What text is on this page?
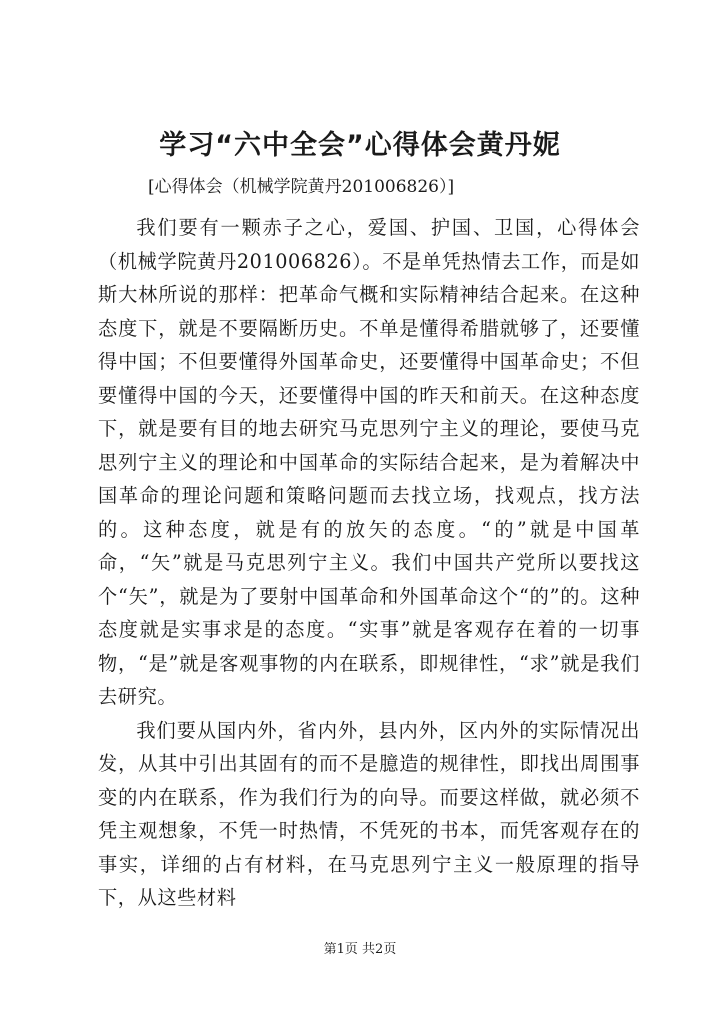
学习“六中全会”心得体会黄丹妮
[心得体会（机械学院黄丹201006826）]

我们要有一颗赤子之心，爱国、护国、卫国，心得体会（机械学院黄丹201006826）。不是单凭热情去工作，而是如斯大林所说的那样：把革命气概和实际精神结合起来。在这种态度下，就是不要隔断历史。不单是懂得希腊就够了，还要懂得中国；不但要懂得外国革命史，还要懂得中国革命史；不但要懂得中国的今天，还要懂得中国的昨天和前天。在这种态度下，就是要有目的地去研究马克思列宁主义的理论，要使马克思列宁主义的理论和中国革命的实际结合起来，是为着解决中国革命的理论问题和策略问题而去找立场，找观点，找方法的。这种态度，就是有的放矢的态度。“的”就是中国革命，“矢”就是马克思列宁主义。我们中国共产党所以要找这个“矢”，就是为了要射中国革命和外国革命这个“的”的。这种态度就是实事求是的态度。“实事”就是客观存在着的一切事物，“是”就是客观事物的内在联系，即规律性，“求”就是我们去研究。

我们要从国内外，省内外，县内外，区内外的实际情况出发，从其中引出其固有的而不是臆造的规律性，即找出周围事变的内在联系，作为我们行为的向导。而要这样做，就必须不凭主观想象，不凭一时热情，不凭死的书本，而凭客观存在的事实，详细的占有材料，在马克思列宁主义一般原理的指导下，从这些材料

第1页 共2页
